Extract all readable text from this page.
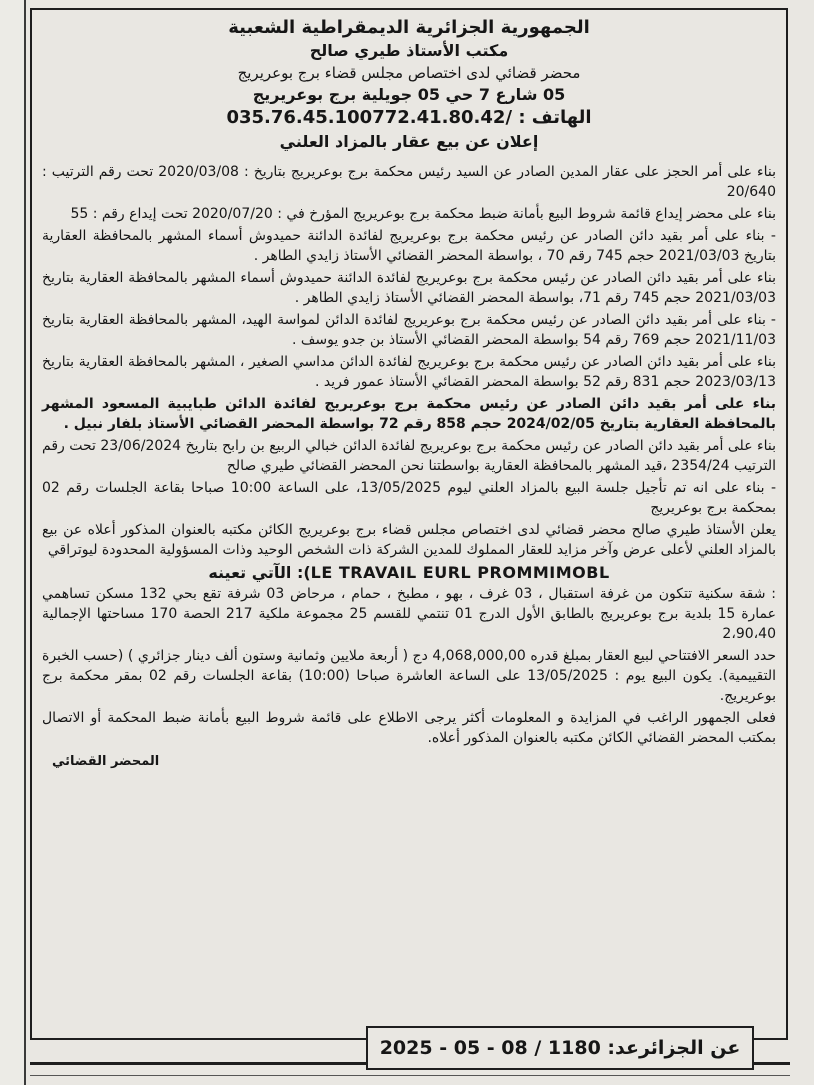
الجمهورية الجزائرية الديمقراطية الشعبية
مكتب الأستاذ طيري صالح
محضر قضائي لدى اختصاص مجلس قضاء برج بوعريريج
05 شارع 7 حي 05 جويلية برج بوعريريج
الهاتف : 035.76.45.100772.41.80.42/
إعلان عن بيع عقار بالمزاد العلني

بناء على أمر الحجز على عقار المدين الصادر عن السيد رئيس محكمة برج بوعريريج بتاريخ : 2020/03/08 تحت رقم الترتيب : 20/640

بناء على محضر إيداع قائمة شروط البيع بأمانة ضبط محكمة برج بوعريريج المؤرخ في : 2020/07/20 تحت إيداع رقم : 55

- بناء على أمر بقيد دائن الصادر عن رئيس محكمة برج بوعريريج لفائدة الدائنة حميدوش أسماء المشهر بالمحافظة العقارية بتاريخ 2021/03/03 حجم 745 رقم 70 ، بواسطة المحضر القضائي الأستاذ زايدي الطاهر .

بناء على أمر بقيد دائن الصادر عن رئيس محكمة برج بوعريريج لفائدة الدائنة حميدوش أسماء المشهر بالمحافظة العقارية بتاريخ 2021/03/03 حجم 745 رقم 71، بواسطة المحضر القضائي الأستاذ زايدي الطاهر .

- بناء على أمر بقيد دائن الصادر عن رئيس محكمة برج بوعريريج لفائدة الدائن لمواسة الهيد، المشهر بالمحافظة العقارية بتاريخ 2021/11/03 حجم 769 رقم 54 بواسطة المحضر القضائي الأستاذ بن جدو يوسف .

بناء على أمر بقيد دائن الصادر عن رئيس محكمة برج بوعريريج لفائدة الدائن مداسي الصغير ، المشهر بالمحافظة العقارية بتاريخ 2023/03/13 حجم 831 رقم 52 بواسطة المحضر القضائي الأستاذ عمور فريد .

بناء على أمر بقيد دائن الصادر عن رئيس محكمة برج بوعريريج لفائدة الدائن طبايبية المسعود المشهر بالمحافظة العقارية بتاريخ 2024/02/05 حجم 858 رقم 72 بواسطة المحضر القضائي الأستاذ بلفار نبيل .

بناء على أمر بقيد دائن الصادر عن رئيس محكمة برج بوعريريج لفائدة الدائن خبالي الربيع بن رابح بتاريخ 23/06/2024 تحت رقم الترتيب 2354/24 ،قيد المشهر بالمحافظة العقارية بواسطتنا نحن المحضر القضائي طيري صالح

- بناء على انه تم تأجيل جلسة البيع بالمزاد العلني ليوم 13/05/2025، على الساعة 10:00 صباحا بقاعة الجلسات رقم 02 بمحكمة برج بوعريريج

يعلن الأستاذ طيري صالح محضر قضائي لدى اختصاص مجلس قضاء برج بوعريريج الكائن مكتبه بالعنوان المذكور أعلاه عن بيع بالمزاد العلني لأعلى عرض وآخر مزايد للعقار المملوك للمدين الشركة ذات الشخص الوحيد وذات المسؤولية المحدودة ليوتراقي

الآتي تعينه :(LE TRAVAIL EURL PROMMIMOBL

: شقة سكنية تتكون من غرفة استقبال ، 03 غرف ، بهو ، مطبخ ، حمام ، مرحاض 03 شرفة تقع بحي 132 مسكن تساهمي عمارة 15 بلدية برج بوعريريج بالطابق الأول الدرج 01 تنتمي للقسم 25 مجموعة ملكية 217 الحصة 170 مساحتها الإجمالية 2،90،40

حدد السعر الافتتاحي لبيع العقار بمبلغ قدره 4,068,000,00 دج ( أربعة ملايين وثمانية وستون ألف دينار جزائري ) (حسب الخبرة التقييمية). يكون البيع يوم : 13/05/2025 على الساعة العاشرة صباحا (10:00) بقاعة الجلسات رقم 02 بمقر محكمة برج بوعريريج.

فعلى الجمهور الراغب في المزايدة و المعلومات أكثر يرجى الاطلاع على قائمة شروط البيع بأمانة ضبط المحكمة أو الاتصال بمكتب المحضر القضائي الكائن مكتبه بالعنوان المذكور أعلاه.

المحضر القضائي
عن الجزائرعد: 1180 / 08 - 05 - 2025
